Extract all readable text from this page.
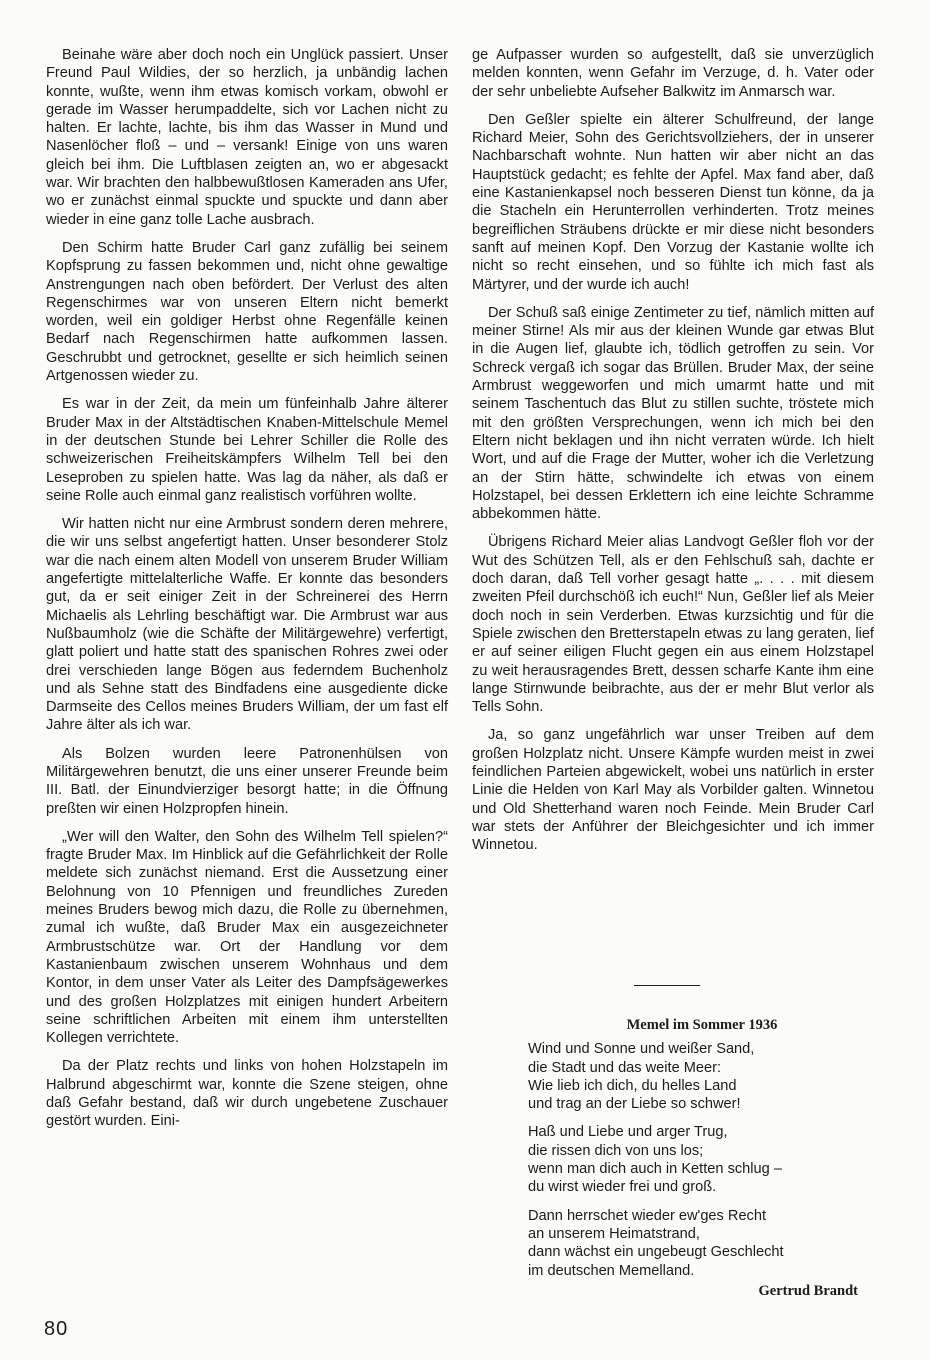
Beinahe wäre aber doch noch ein Unglück passiert. Unser Freund Paul Wildies, der so herzlich, ja unbändig lachen konnte, wußte, wenn ihm etwas komisch vorkam, obwohl er gerade im Wasser herumpaddelte, sich vor Lachen nicht zu halten. Er lachte, lachte, bis ihm das Wasser in Mund und Nasenlöcher floß – und – versank! Einige von uns waren gleich bei ihm. Die Luftblasen zeigten an, wo er abgesackt war. Wir brachten den halbbewußtlosen Kameraden ans Ufer, wo er zunächst einmal spuckte und spuckte und dann aber wieder in eine ganz tolle Lache ausbrach.

Den Schirm hatte Bruder Carl ganz zufällig bei seinem Kopfsprung zu fassen bekommen und, nicht ohne gewaltige Anstrengungen nach oben befördert. Der Verlust des alten Regenschirmes war von unseren Eltern nicht bemerkt worden, weil ein goldiger Herbst ohne Regenfälle keinen Bedarf nach Regenschirmen hatte aufkommen lassen. Geschrubbt und getrocknet, gesellte er sich heimlich seinen Artgenossen wieder zu.

Es war in der Zeit, da mein um fünfeinhalb Jahre älterer Bruder Max in der Altstädtischen Knaben-Mittelschule Memel in der deutschen Stunde bei Lehrer Schiller die Rolle des schweizerischen Freiheitskämpfers Wilhelm Tell bei den Leseproben zu spielen hatte. Was lag da näher, als daß er seine Rolle auch einmal ganz realistisch vorführen wollte.

Wir hatten nicht nur eine Armbrust sondern deren mehrere, die wir uns selbst angefertigt hatten. Unser besonderer Stolz war die nach einem alten Modell von unserem Bruder William angefertigte mittelalterliche Waffe. Er konnte das besonders gut, da er seit einiger Zeit in der Schreinerei des Herrn Michaelis als Lehrling beschäftigt war. Die Armbrust war aus Nußbaumholz (wie die Schäfte der Militärgewehre) verfertigt, glatt poliert und hatte statt des spanischen Rohres zwei oder drei verschieden lange Bögen aus federndem Buchenholz und als Sehne statt des Bindfadens eine ausgediente dicke Darmseite des Cellos meines Bruders William, der um fast elf Jahre älter als ich war.

Als Bolzen wurden leere Patronenhülsen von Militärgewehren benutzt, die uns einer unserer Freunde beim III. Batl. der Einundvierziger besorgt hatte; in die Öffnung preßten wir einen Holzpropfen hinein.

„Wer will den Walter, den Sohn des Wilhelm Tell spielen?“ fragte Bruder Max. Im Hinblick auf die Gefährlichkeit der Rolle meldete sich zunächst niemand. Erst die Aussetzung einer Belohnung von 10 Pfennigen und freundliches Zureden meines Bruders bewog mich dazu, die Rolle zu übernehmen, zumal ich wußte, daß Bruder Max ein ausgezeichneter Armbrustschütze war. Ort der Handlung vor dem Kastanienbaum zwischen unserem Wohnhaus und dem Kontor, in dem unser Vater als Leiter des Dampfsägewerkes und des großen Holzplatzes mit einigen hundert Arbeitern seine schriftlichen Arbeiten mit einem ihm unterstellten Kollegen verrichtete.

Da der Platz rechts und links von hohen Holzstapeln im Halbrund abgeschirmt war, konnte die Szene steigen, ohne daß Gefahr bestand, daß wir durch ungebetene Zuschauer gestört wurden. Eini-

ge Aufpasser wurden so aufgestellt, daß sie unverzüglich melden konnten, wenn Gefahr im Verzuge, d. h. Vater oder der sehr unbeliebte Aufseher Balkwitz im Anmarsch war.

Den Geßler spielte ein älterer Schulfreund, der lange Richard Meier, Sohn des Gerichtsvollziehers, der in unserer Nachbarschaft wohnte. Nun hatten wir aber nicht an das Hauptstück gedacht; es fehlte der Apfel. Max fand aber, daß eine Kastanienkapsel noch besseren Dienst tun könne, da ja die Stacheln ein Herunterrollen verhinderten. Trotz meines begreiflichen Sträubens drückte er mir diese nicht besonders sanft auf meinen Kopf. Den Vorzug der Kastanie wollte ich nicht so recht einsehen, und so fühlte ich mich fast als Märtyrer, und der wurde ich auch!

Der Schuß saß einige Zentimeter zu tief, nämlich mitten auf meiner Stirne! Als mir aus der kleinen Wunde gar etwas Blut in die Augen lief, glaubte ich, tödlich getroffen zu sein. Vor Schreck vergaß ich sogar das Brüllen. Bruder Max, der seine Armbrust weggeworfen und mich umarmt hatte und mit seinem Taschentuch das Blut zu stillen suchte, tröstete mich mit den größten Versprechungen, wenn ich mich bei den Eltern nicht beklagen und ihn nicht verraten würde. Ich hielt Wort, und auf die Frage der Mutter, woher ich die Verletzung an der Stirn hätte, schwindelte ich etwas von einem Holzstapel, bei dessen Erklettern ich eine leichte Schramme abbekommen hätte.

Übrigens Richard Meier alias Landvogt Geßler floh vor der Wut des Schützen Tell, als er den Fehlschuß sah, dachte er doch daran, daß Tell vorher gesagt hatte „. . . . mit diesem zweiten Pfeil durchschöß ich euch!“ Nun, Geßler lief als Meier doch noch in sein Verderben. Etwas kurzsichtig und für die Spiele zwischen den Bretterstapeln etwas zu lang geraten, lief er auf seiner eiligen Flucht gegen ein aus einem Holzstapel zu weit herausragendes Brett, dessen scharfe Kante ihm eine lange Stirnwunde beibrachte, aus der er mehr Blut verlor als Tells Sohn.

Ja, so ganz ungefährlich war unser Treiben auf dem großen Holzplatz nicht. Unsere Kämpfe wurden meist in zwei feindlichen Parteien abgewickelt, wobei uns natürlich in erster Linie die Helden von Karl May als Vorbilder galten. Winnetou und Old Shetterhand waren noch Feinde. Mein Bruder Carl war stets der Anführer der Bleichgesichter und ich immer Winnetou.

Memel im Sommer 1936
Wind und Sonne und weißer Sand,
die Stadt und das weite Meer:
Wie lieb ich dich, du helles Land
und trag an der Liebe so schwer!
Haß und Liebe und arger Trug,
die rissen dich von uns los;
wenn man dich auch in Ketten schlug –
du wirst wieder frei und groß.
Dann herrschet wieder ew'ges Recht
an unserem Heimatstrand,
dann wächst ein ungebeugt Geschlecht
im deutschen Memelland.
Gertrud Brandt
80
